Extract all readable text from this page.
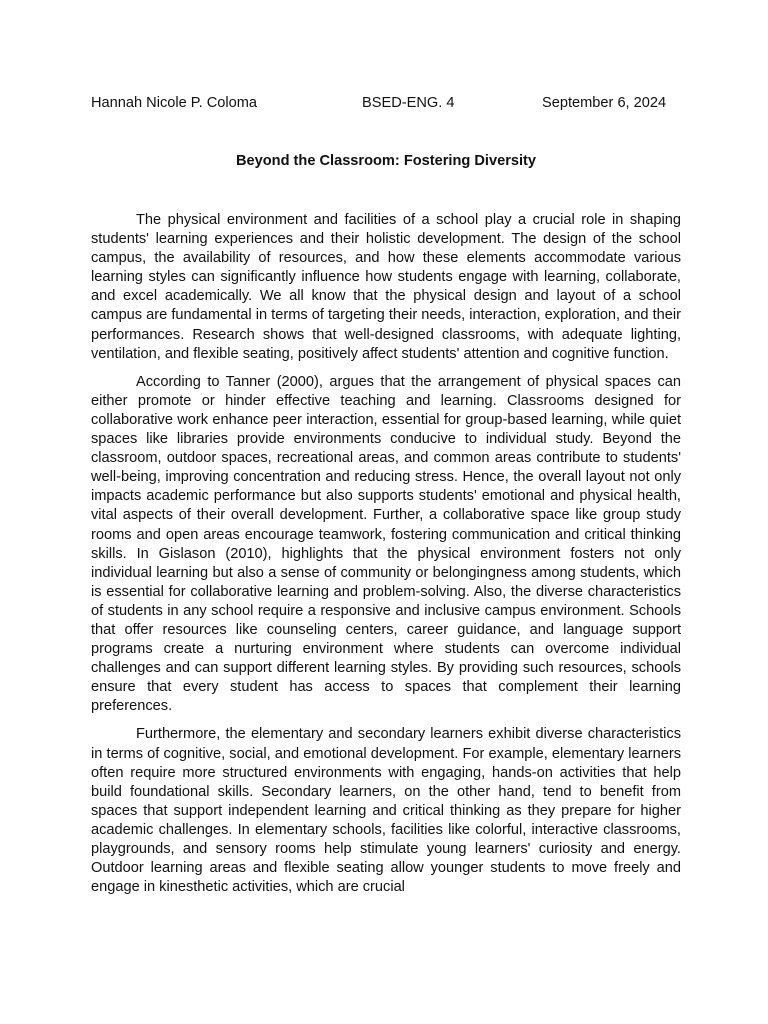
Hannah Nicole P. Coloma	BSED-ENG. 4	September 6, 2024
Beyond the Classroom: Fostering Diversity

The physical environment and facilities of a school play a crucial role in shaping students' learning experiences and their holistic development. The design of the school campus, the availability of resources, and how these elements accommodate various learning styles can significantly influence how students engage with learning, collaborate, and excel academically. We all know that the physical design and layout of a school campus are fundamental in terms of targeting their needs, interaction, exploration, and their performances. Research shows that well-designed classrooms, with adequate lighting, ventilation, and flexible seating, positively affect students' attention and cognitive function.

According to Tanner (2000), argues that the arrangement of physical spaces can either promote or hinder effective teaching and learning. Classrooms designed for collaborative work enhance peer interaction, essential for group-based learning, while quiet spaces like libraries provide environments conducive to individual study. Beyond the classroom, outdoor spaces, recreational areas, and common areas contribute to students' well-being, improving concentration and reducing stress. Hence, the overall layout not only impacts academic performance but also supports students' emotional and physical health, vital aspects of their overall development. Further, a collaborative space like group study rooms and open areas encourage teamwork, fostering communication and critical thinking skills. In Gislason (2010), highlights that the physical environment fosters not only individual learning but also a sense of community or belongingness among students, which is essential for collaborative learning and problem-solving. Also, the diverse characteristics of students in any school require a responsive and inclusive campus environment. Schools that offer resources like counseling centers, career guidance, and language support programs create a nurturing environment where students can overcome individual challenges and can support different learning styles. By providing such resources, schools ensure that every student has access to spaces that complement their learning preferences.

Furthermore, the elementary and secondary learners exhibit diverse characteristics in terms of cognitive, social, and emotional development. For example, elementary learners often require more structured environments with engaging, hands-on activities that help build foundational skills. Secondary learners, on the other hand, tend to benefit from spaces that support independent learning and critical thinking as they prepare for higher academic challenges. In elementary schools, facilities like colorful, interactive classrooms, playgrounds, and sensory rooms help stimulate young learners' curiosity and energy. Outdoor learning areas and flexible seating allow younger students to move freely and engage in kinesthetic activities, which are crucial
